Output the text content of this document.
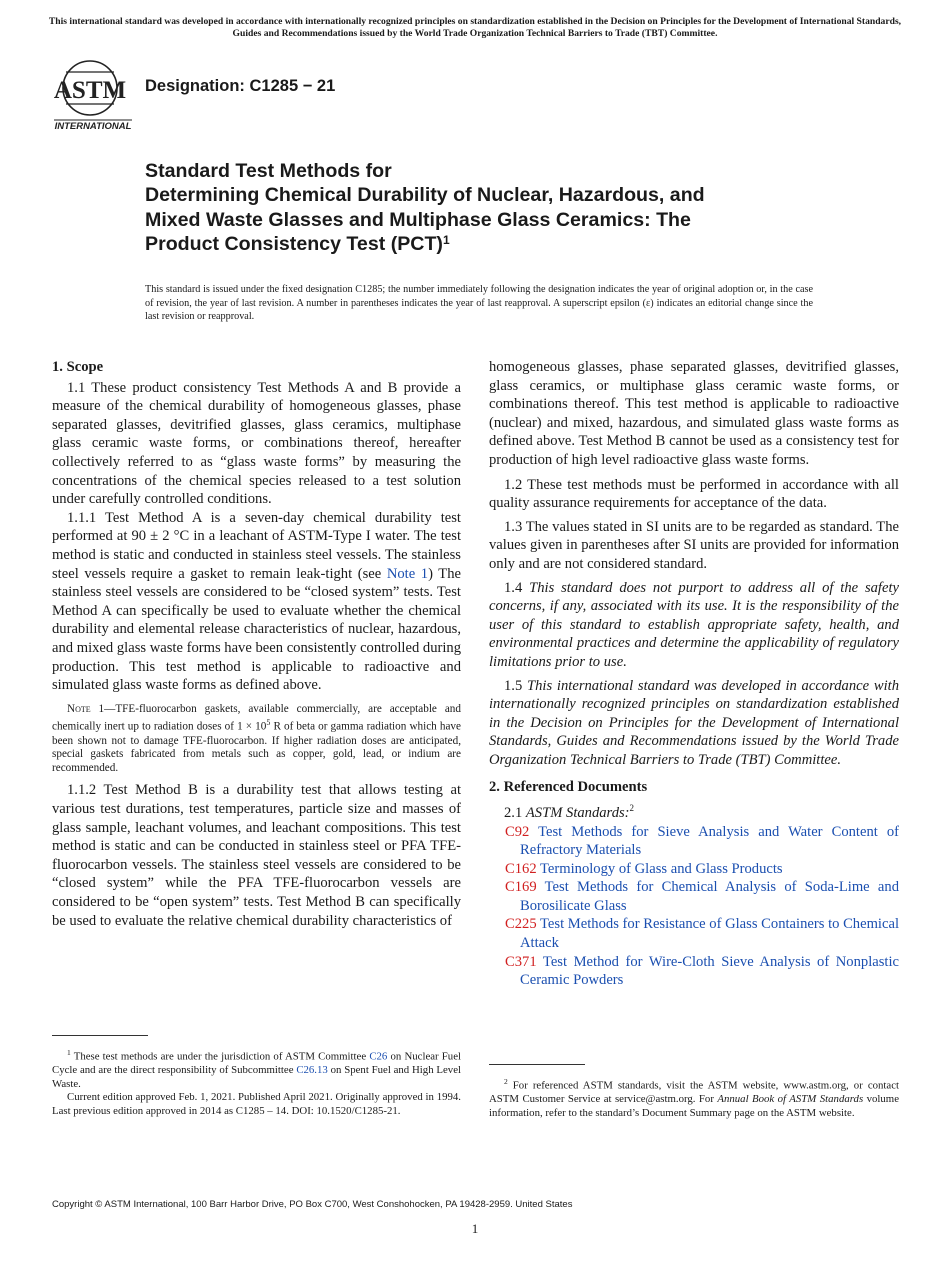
This international standard was developed in accordance with internationally recognized principles on standardization established in the Decision on Principles for the Development of International Standards, Guides and Recommendations issued by the World Trade Organization Technical Barriers to Trade (TBT) Committee.
ASTM
INTERNATIONAL
Designation: C1285 − 21
Standard Test Methods for
Determining Chemical Durability of Nuclear, Hazardous, and
Mixed Waste Glasses and Multiphase Glass Ceramics: The
Product Consistency Test (PCT)$^1$
This standard is issued under the fixed designation C1285; the number immediately following the designation indicates the year of original adoption or, in the case of revision, the year of last revision. A number in parentheses indicates the year of last reapproval. A superscript epsilon (ε) indicates an editorial change since the last revision or reapproval.
1. Scope

1.1 These product consistency Test Methods A and B provide a measure of the chemical durability of homogeneous glasses, phase separated glasses, devitrified glasses, glass ceramics, multiphase glass ceramic waste forms, or combinations thereof, hereafter collectively referred to as “glass waste forms” by measuring the concentrations of the chemical species released to a test solution under carefully controlled conditions.

1.1.1 Test Method A is a seven-day chemical durability test performed at 90 ± 2 °C in a leachant of ASTM-Type I water. The test method is static and conducted in stainless steel vessels. The stainless steel vessels require a gasket to remain leak-tight (see Note 1) The stainless steel vessels are considered to be “closed system” tests. Test Method A can specifically be used to evaluate whether the chemical durability and elemental release characteristics of nuclear, hazardous, and mixed glass waste forms have been consistently controlled during production. This test method is applicable to radioactive and simulated glass waste forms as defined above.

Note 1—TFE-fluorocarbon gaskets, available commercially, are acceptable and chemically inert up to radiation doses of $1 \times 10^5$ R of beta or gamma radiation which have been shown not to damage TFE-fluorocarbon. If higher radiation doses are anticipated, special gaskets fabricated from metals such as copper, gold, lead, or indium are recommended.

1.1.2 Test Method B is a durability test that allows testing at various test durations, test temperatures, particle size and masses of glass sample, leachant volumes, and leachant compositions. This test method is static and can be conducted in stainless steel or PFA TFE-fluorocarbon vessels. The stainless steel vessels are considered to be “closed system” while the PFA TFE-fluorocarbon vessels are considered to be “open system” tests. Test Method B can specifically be used to evaluate the relative chemical durability characteristics of

$^1$ These test methods are under the jurisdiction of ASTM Committee C26 on Nuclear Fuel Cycle and are the direct responsibility of Subcommittee C26.13 on Spent Fuel and High Level Waste.

Current edition approved Feb. 1, 2021. Published April 2021. Originally approved in 1994. Last previous edition approved in 2014 as C1285 – 14. DOI: 10.1520/C1285-21.

homogeneous glasses, phase separated glasses, devitrified glasses, glass ceramics, or multiphase glass ceramic waste forms, or combinations thereof. This test method is applicable to radioactive (nuclear) and mixed, hazardous, and simulated glass waste forms as defined above. Test Method B cannot be used as a consistency test for production of high level radioactive glass waste forms.

1.2 These test methods must be performed in accordance with all quality assurance requirements for acceptance of the data.

1.3 The values stated in SI units are to be regarded as standard. The values given in parentheses after SI units are provided for information only and are not considered standard.

1.4 This standard does not purport to address all of the safety concerns, if any, associated with its use. It is the responsibility of the user of this standard to establish appropriate safety, health, and environmental practices and determine the applicability of regulatory limitations prior to use.

1.5 This international standard was developed in accordance with internationally recognized principles on standardization established in the Decision on Principles for the Development of International Standards, Guides and Recommendations issued by the World Trade Organization Technical Barriers to Trade (TBT) Committee.

2. Referenced Documents

2.1 ASTM Standards:$^2$

C92 Test Methods for Sieve Analysis and Water Content of Refractory Materials
C162 Terminology of Glass and Glass Products
C169 Test Methods for Chemical Analysis of Soda-Lime and Borosilicate Glass
C225 Test Methods for Resistance of Glass Containers to Chemical Attack
C371 Test Method for Wire-Cloth Sieve Analysis of Nonplastic Ceramic Powders

$^2$ For referenced ASTM standards, visit the ASTM website, www.astm.org, or contact ASTM Customer Service at service@astm.org. For Annual Book of ASTM Standards volume information, refer to the standard’s Document Summary page on the ASTM website.

Copyright © ASTM International, 100 Barr Harbor Drive, PO Box C700, West Conshohocken, PA 19428-2959. United States
1
